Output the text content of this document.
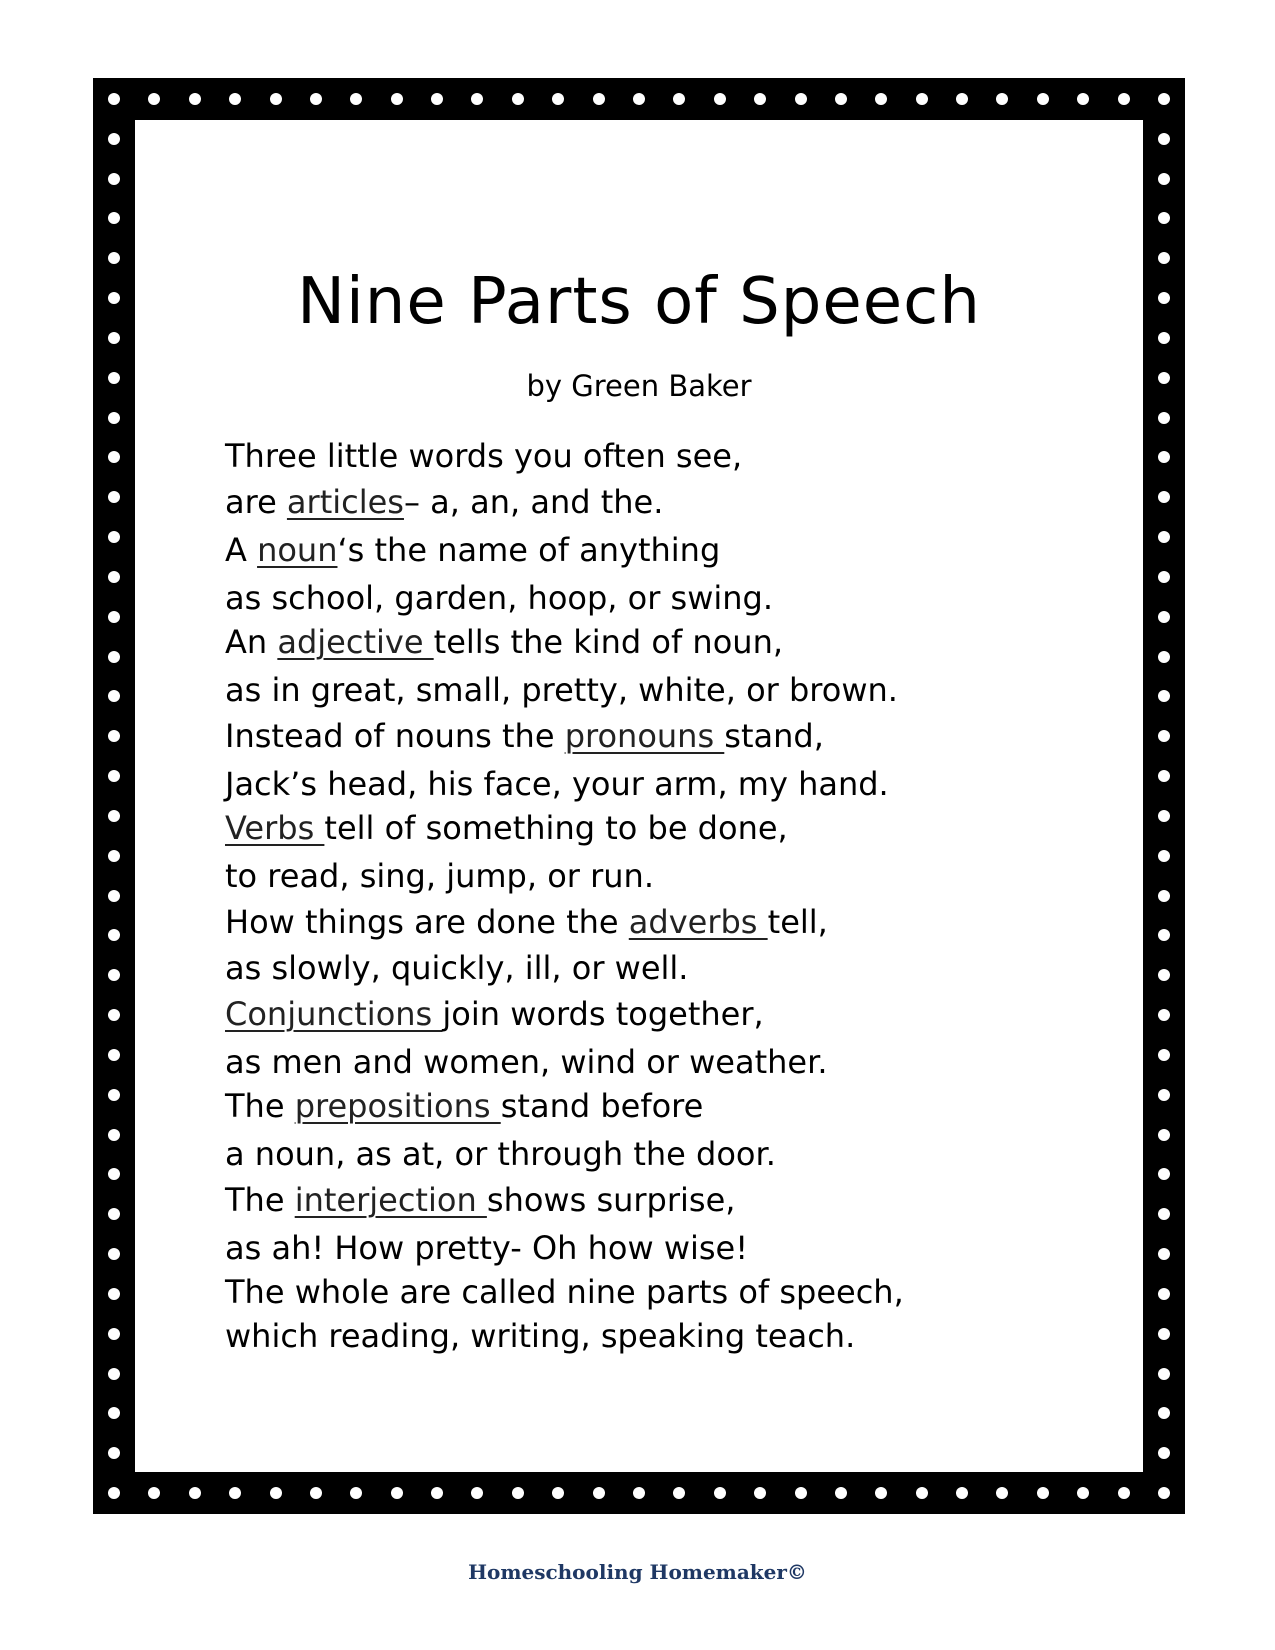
Nine Parts of Speech
by Green Baker
Three little words you often see,
are articles– a, an, and the.
A noun‘s the name of anything
as school, garden, hoop, or swing.
An adjective tells the kind of noun,
as in great, small, pretty, white, or brown.
Instead of nouns the pronouns stand,
Jack’s head, his face, your arm, my hand.
Verbs tell of something to be done,
to read, sing, jump, or run.
How things are done the adverbs tell,
as slowly, quickly, ill, or well.
Conjunctions join words together,
as men and women, wind or weather.
The prepositions stand before
a noun, as at, or through the door.
The interjection shows surprise,
as ah! How pretty- Oh how wise!
The whole are called nine parts of speech,
which reading, writing, speaking teach.
Homeschooling Homemaker©
